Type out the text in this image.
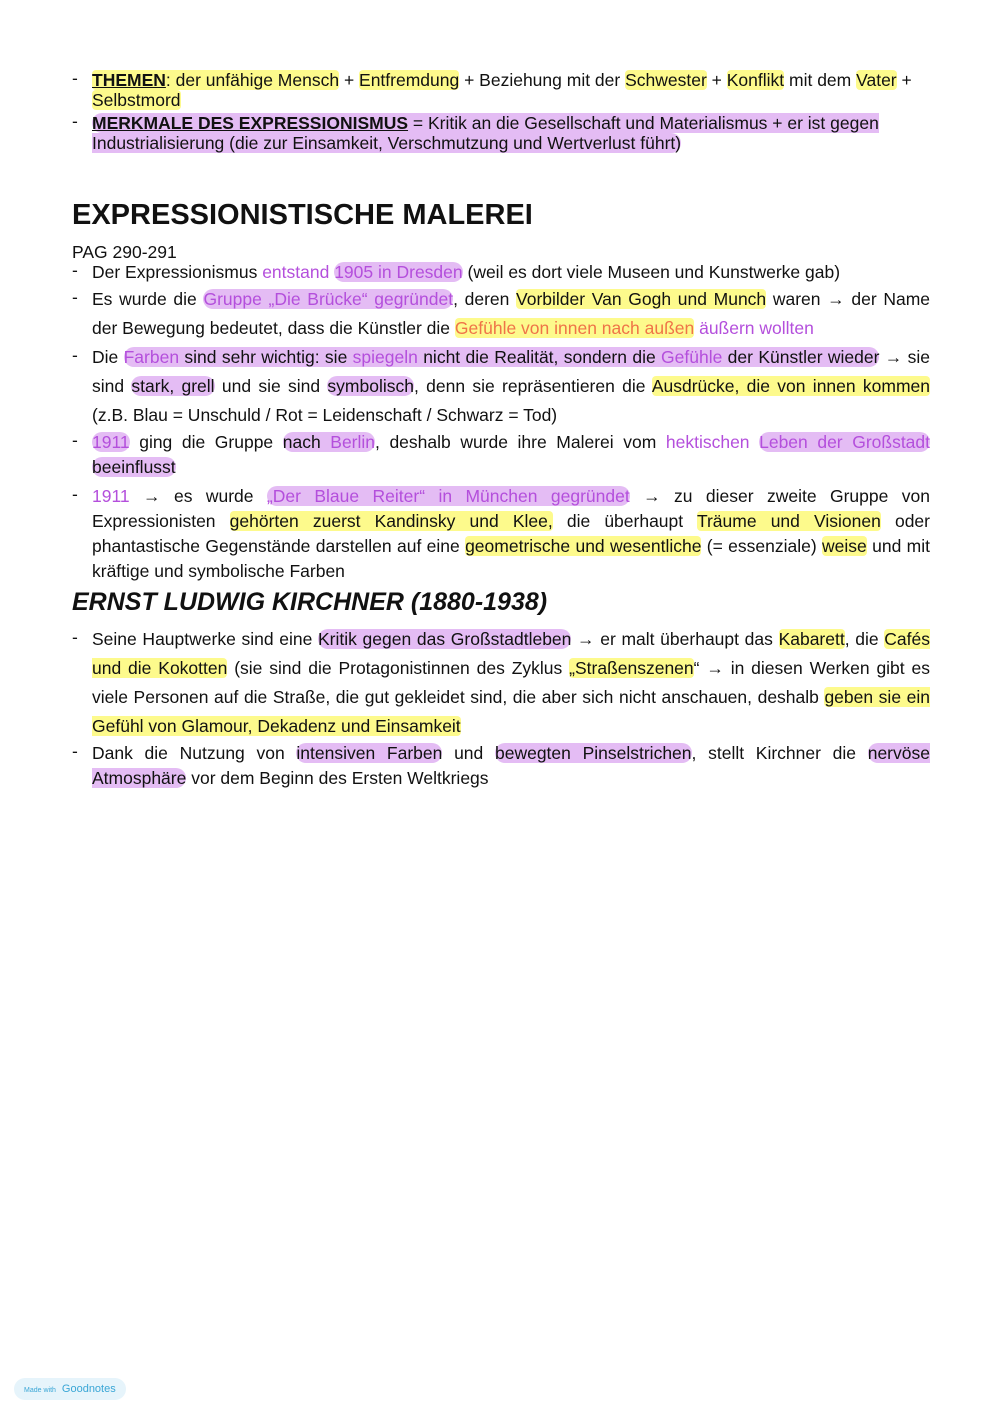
- THEMEN: der unfähige Mensch + Entfremdung + Beziehung mit der Schwester + Konflikt mit dem Vater + Selbstmord
- MERKMALE DES EXPRESSIONISMUS = Kritik an die Gesellschaft und Materialismus + er ist gegen Industrialisierung (die zur Einsamkeit, Verschmutzung und Wertverlust führt)
EXPRESSIONISTISCHE MALEREI
PAG 290-291
- Der Expressionismus entstand 1905 in Dresden (weil es dort viele Museen und Kunstwerke gab)
- Es wurde die Gruppe „Die Brücke“ gegründet, deren Vorbilder Van Gogh und Munch waren → der Name der Bewegung bedeutet, dass die Künstler die Gefühle von innen nach außen äußern wollten
- Die Farben sind sehr wichtig: sie spiegeln nicht die Realität, sondern die Gefühle der Künstler wieder → sie sind stark, grell und sie sind symbolisch, denn sie repräsentieren die Ausdrücke, die von innen kommen (z.B. Blau = Unschuld / Rot = Leidenschaft / Schwarz = Tod)
- 1911 ging die Gruppe nach Berlin, deshalb wurde ihre Malerei vom hektischen Leben der Großstadt beeinflusst
- 1911 → es wurde „Der Blaue Reiter“ in München gegründet → zu dieser zweite Gruppe von Expressionisten gehörten zuerst Kandinsky und Klee, die überhaupt Träume und Visionen oder phantastische Gegenstände darstellen auf eine geometrische und wesentliche (= essenziale) weise und mit kräftige und symbolische Farben
ERNST LUDWIG KIRCHNER (1880-1938)
- Seine Hauptwerke sind eine Kritik gegen das Großstadtleben → er malt überhaupt das Kabarett, die Cafés und die Kokotten (sie sind die Protagonistinnen des Zyklus „Straßenszenen“ → in diesen Werken gibt es viele Personen auf die Straße, die gut gekleidet sind, die aber sich nicht anschauen, deshalb geben sie ein Gefühl von Glamour, Dekadenz und Einsamkeit
- Dank die Nutzung von intensiven Farben und bewegten Pinselstrichen, stellt Kirchner die nervöse Atmosphäre vor dem Beginn des Ersten Weltkriegs
Made with Goodnotes
